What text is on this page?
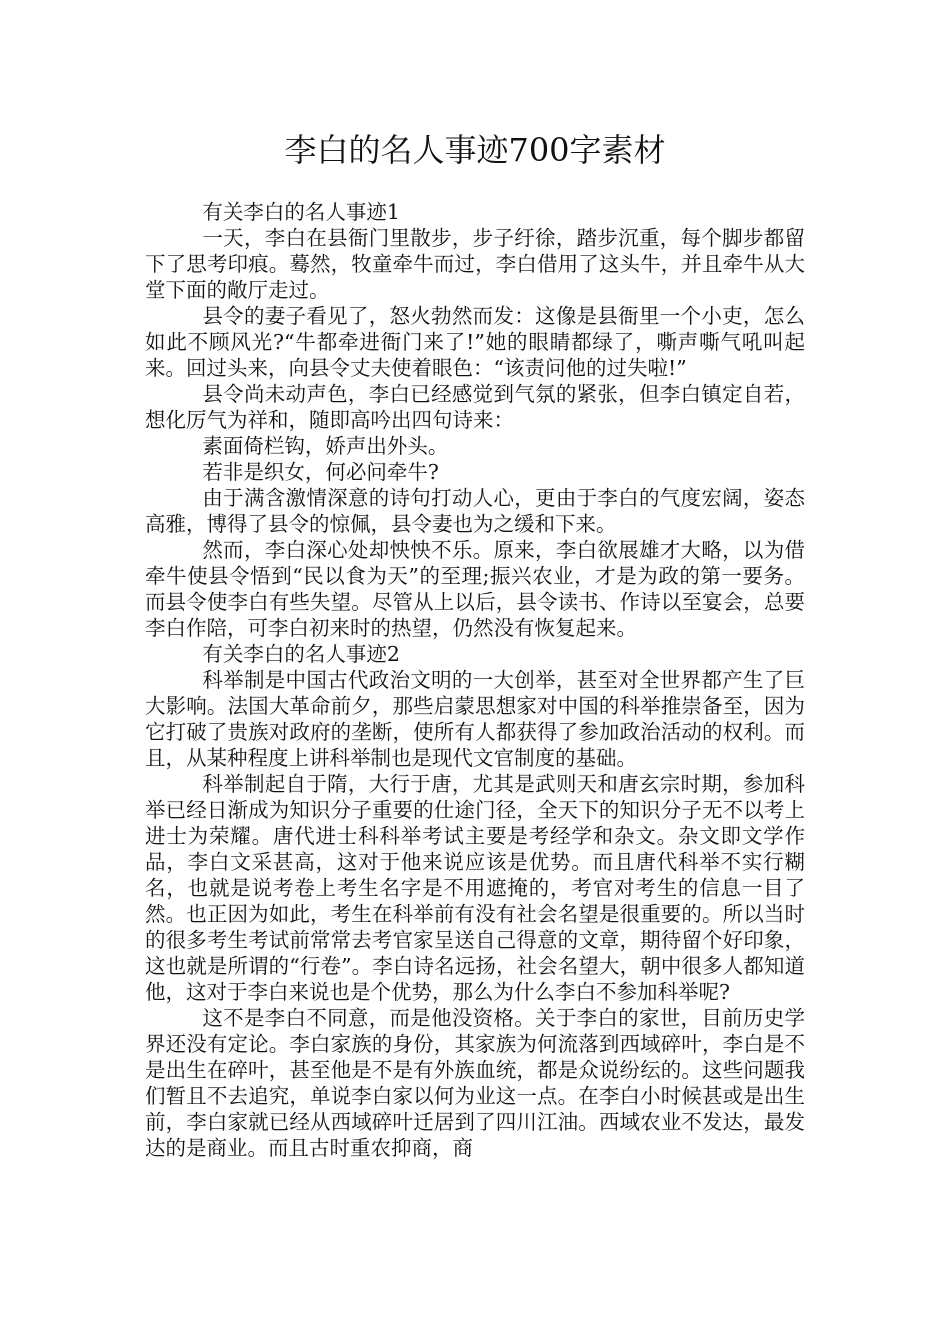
李白的名人事迹700字素材

有关李白的名人事迹1

一天，李白在县衙门里散步，步子纡徐，踏步沉重，每个脚步都留下了思考印痕。蓦然，牧童牵牛而过，李白借用了这头牛，并且牵牛从大堂下面的敞厅走过。

县令的妻子看见了，怒火勃然而发：这像是县衙里一个小吏，怎么如此不顾风光?“牛都牵进衙门来了!”她的眼睛都绿了，嘶声嘶气吼叫起来。回过头来，向县令丈夫使着眼色：“该责问他的过失啦!”

县令尚未动声色，李白已经感觉到气氛的紧张，但李白镇定自若，想化厉气为祥和，随即高吟出四句诗来：

素面倚栏钩，娇声出外头。

若非是织女，何必问牵牛?

由于满含激情深意的诗句打动人心，更由于李白的气度宏阔，姿态高雅，博得了县令的惊佩，县令妻也为之缓和下来。

然而，李白深心处却怏怏不乐。原来，李白欲展雄才大略，以为借牵牛使县令悟到“民以食为天”的至理;振兴农业，才是为政的第一要务。而县令使李白有些失望。尽管从上以后，县令读书、作诗以至宴会，总要李白作陪，可李白初来时的热望，仍然没有恢复起来。

有关李白的名人事迹2

科举制是中国古代政治文明的一大创举，甚至对全世界都产生了巨大影响。法国大革命前夕，那些启蒙思想家对中国的科举推崇备至，因为它打破了贵族对政府的垄断，使所有人都获得了参加政治活动的权利。而且，从某种程度上讲科举制也是现代文官制度的基础。

科举制起自于隋，大行于唐，尤其是武则天和唐玄宗时期，参加科举已经日渐成为知识分子重要的仕途门径，全天下的知识分子无不以考上进士为荣耀。唐代进士科科举考试主要是考经学和杂文。杂文即文学作品，李白文采甚高，这对于他来说应该是优势。而且唐代科举不实行糊名，也就是说考卷上考生名字是不用遮掩的，考官对考生的信息一目了然。也正因为如此，考生在科举前有没有社会名望是很重要的。所以当时的很多考生考试前常常去考官家呈送自己得意的文章，期待留个好印象，这也就是所谓的“行卷”。李白诗名远扬，社会名望大，朝中很多人都知道他，这对于李白来说也是个优势，那么为什么李白不参加科举呢?

这不是李白不同意，而是他没资格。关于李白的家世，目前历史学界还没有定论。李白家族的身份，其家族为何流落到西域碎叶，李白是不是出生在碎叶，甚至他是不是有外族血统，都是众说纷纭的。这些问题我们暂且不去追究，单说李白家以何为业这一点。在李白小时候甚或是出生前，李白家就已经从西域碎叶迁居到了四川江油。西域农业不发达，最发达的是商业。而且古时重农抑商，商
